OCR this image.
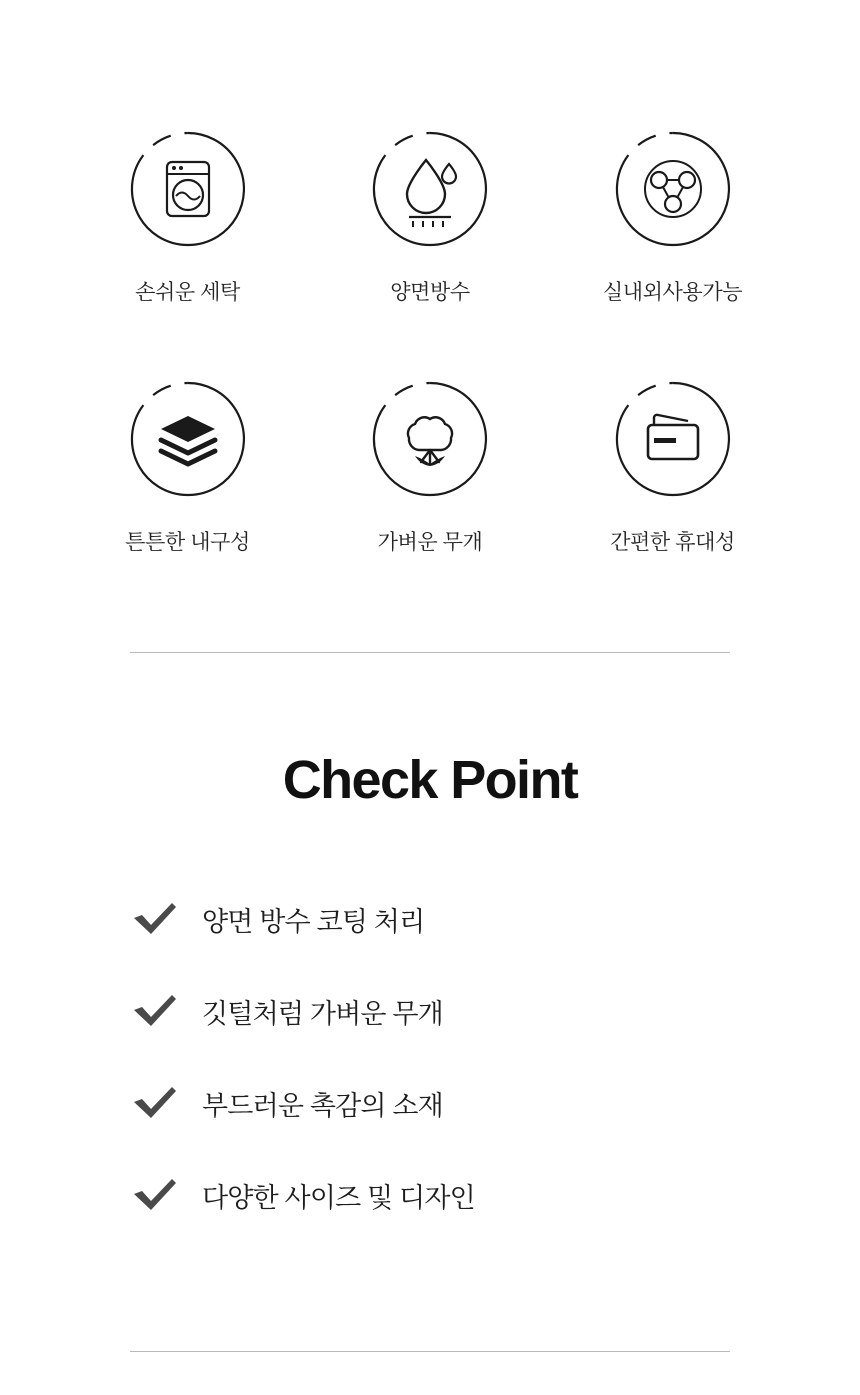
손쉬운 세탁	양면방수	실내외사용가능
튼튼한 내구성	가벼운 무개	간편한 휴대성
Check Point
양면 방수 코팅 처리
깃털처럼 가벼운 무개
부드러운 촉감의 소재
다양한 사이즈 및 디자인
